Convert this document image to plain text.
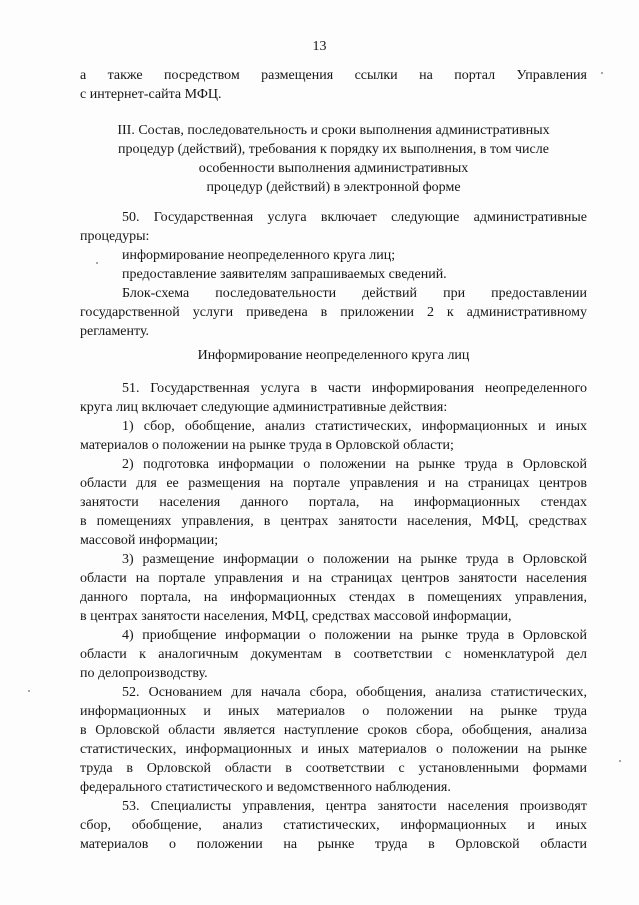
13
а также посредством размещения ссылки на портал Управления
с интернет-сайта МФЦ.
III. Состав, последовательность и сроки выполнения административных
процедур (действий), требования к порядку их выполнения, в том числе
особенности выполнения административных
процедур (действий) в электронной форме
50. Государственная услуга включает следующие административные
процедуры:
информирование неопределенного круга лиц;
предоставление заявителям запрашиваемых сведений.
Блок-схема последовательности действий при предоставлении
государственной услуги приведена в приложении 2 к административному
регламенту.
Информирование неопределенного круга лиц
51. Государственная услуга в части информирования неопределенного
круга лиц включает следующие административные действия:
1) сбор, обобщение, анализ статистических, информационных и иных
материалов о положении на рынке труда в Орловской области;
2) подготовка информации о положении на рынке труда в Орловской
области для ее размещения на портале управления и на страницах центров
занятости населения данного портала, на информационных стендах
в помещениях управления, в центрах занятости населения, МФЦ, средствах
массовой информации;
3) размещение информации о положении на рынке труда в Орловской
области на портале управления и на страницах центров занятости населения
данного портала, на информационных стендах в помещениях управления,
в центрах занятости населения, МФЦ, средствах массовой информации,
4) приобщение информации о положении на рынке труда в Орловской
области к аналогичным документам в соответствии с номенклатурой дел
по делопроизводству.
52. Основанием для начала сбора, обобщения, анализа статистических,
информационных и иных материалов о положении на рынке труда
в Орловской области является наступление сроков сбора, обобщения, анализа
статистических, информационных и иных материалов о положении на рынке
труда в Орловской области в соответствии с установленными формами
федерального статистического и ведомственного наблюдения.
53. Специалисты управления, центра занятости населения производят
сбор, обобщение, анализ статистических, информационных и иных
материалов о положении на рынке труда в Орловской области
